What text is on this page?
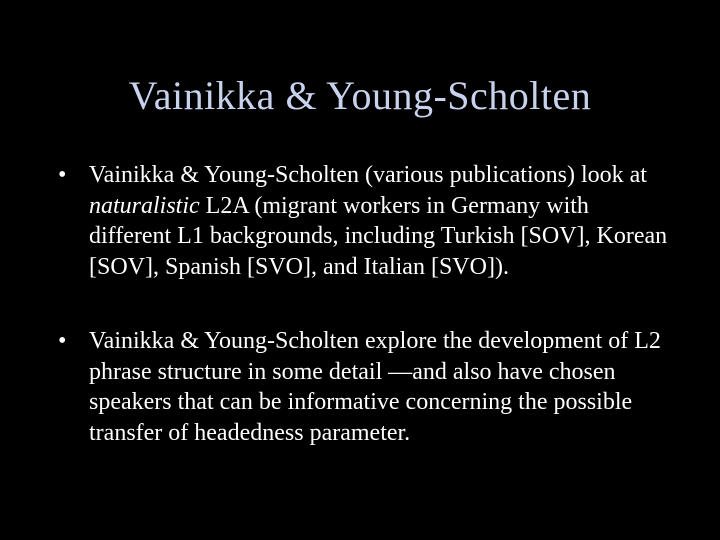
Vainikka & Young-Scholten
• Vainikka & Young-Scholten (various publications) look at naturalistic L2A (migrant workers in Germany with different L1 backgrounds, including Turkish [SOV], Korean [SOV], Spanish [SVO], and Italian [SVO]).
• Vainikka & Young-Scholten explore the development of L2 phrase structure in some detail —and also have chosen speakers that can be informative concerning the possible transfer of headedness parameter.
